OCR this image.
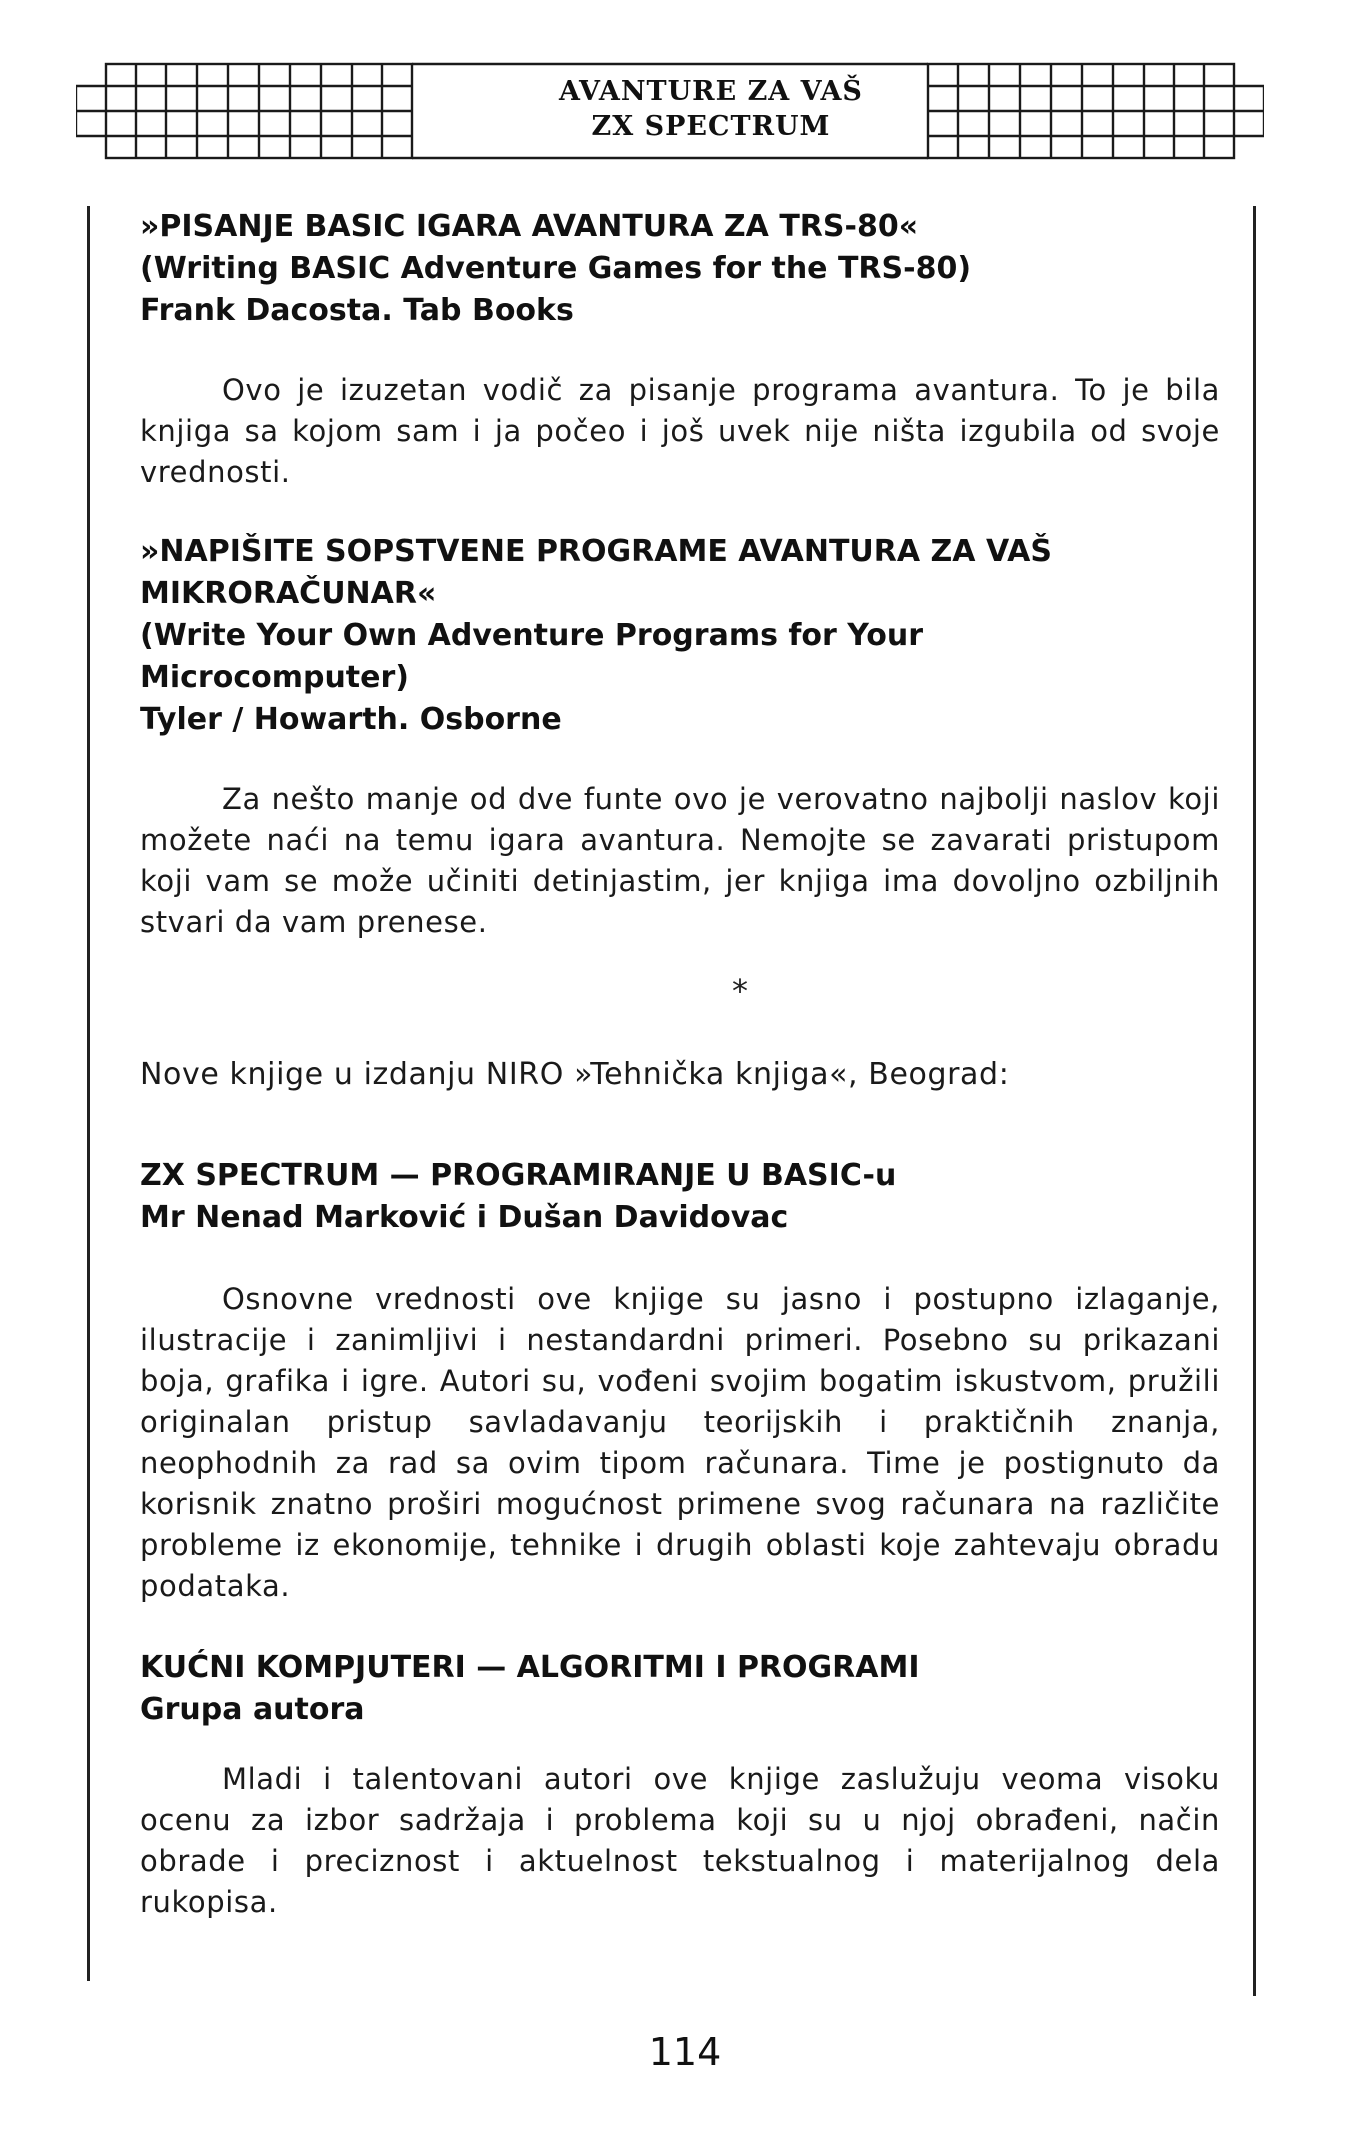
AVANTURE ZA VAŠ
ZX SPECTRUM
»PISANJE BASIC IGARA AVANTURA ZA TRS-80«
(Writing BASIC Adventure Games for the TRS-80)
Frank Dacosta. Tab Books

Ovo je izuzetan vodič za pisanje programa avantura. To je bila knjiga sa kojom sam i ja počeo i još uvek nije ništa izgubila od svoje vrednosti.

»NAPIŠITE SOPSTVENE PROGRAME AVANTURA ZA VAŠ
MIKRORAČUNAR«
(Write Your Own Adventure Programs for Your
Microcomputer)
Tyler / Howarth. Osborne

Za nešto manje od dve funte ovo je verovatno najbolji naslov koji možete naći na temu igara avantura. Nemojte se zavarati pristupom koji vam se može učiniti detinjastim, jer knjiga ima dovoljno ozbiljnih stvari da vam prenese.

*
Nove knjige u izdanju NIRO »Tehnička knjiga«, Beograd:
ZX SPECTRUM — PROGRAMIRANJE U BASIC-u
Mr Nenad Marković i Dušan Davidovac

Osnovne vrednosti ove knjige su jasno i postupno izlaganje, ilustracije i zanimljivi i nestandardni primeri. Posebno su prikazani boja, grafika i igre. Autori su, vođeni svojim bogatim iskustvom, pružili originalan pristup savladavanju teorijskih i praktičnih znanja, neophodnih za rad sa ovim tipom računara. Time je postignuto da korisnik znatno proširi mogućnost primene svog računara na različite probleme iz ekonomije, tehnike i drugih oblasti koje zahtevaju obradu podataka.

KUĆNI KOMPJUTERI — ALGORITMI I PROGRAMI
Grupa autora

Mladi i talentovani autori ove knjige zaslužuju veoma visoku ocenu za izbor sadržaja i problema koji su u njoj obrađeni, način obrade i preciznost i aktuelnost tekstualnog i materijalnog dela rukopisa.

114
